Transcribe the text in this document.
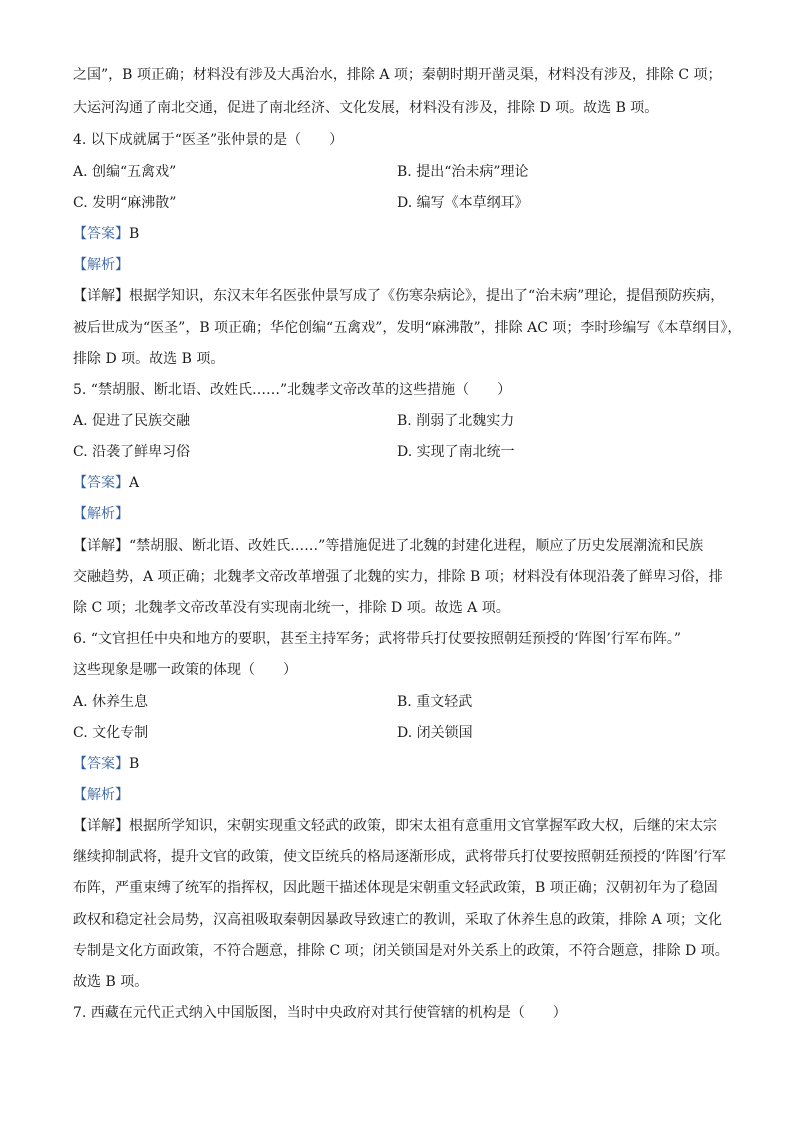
之国”，B 项正确；材料没有涉及大禹治水，排除 A 项；秦朝时期开凿灵渠，材料没有涉及，排除 C 项；
大运河沟通了南北交通，促进了南北经济、文化发展，材料没有涉及，排除 D 项。故选 B 项。
4. 以下成就属于“医圣”张仲景的是（　　）
A. 创编“五禽戏”	B. 提出“治未病”理论
C. 发明“麻沸散”	D. 编写《本草纲耳》
【答案】B
【解析】
【详解】根据学知识，东汉末年名医张仲景写成了《伤寒杂病论》，提出了“治未病”理论，提倡预防疾病，
被后世成为“医圣”，B 项正确；华佗创编“五禽戏”，发明“麻沸散”，排除 AC 项；李时珍编写《本草纲目》，
排除 D 项。故选 B 项。
5. “禁胡服、断北语、改姓氏……”北魏孝文帝改革的这些措施（　　）
A. 促进了民族交融	B. 削弱了北魏实力
C. 沿袭了鲜卑习俗	D. 实现了南北统一
【答案】A
【解析】
【详解】“禁胡服、断北语、改姓氏……”等措施促进了北魏的封建化进程，顺应了历史发展潮流和民族
交融趋势，A 项正确；北魏孝文帝改革增强了北魏的实力，排除 B 项；材料没有体现沿袭了鲜卑习俗，排
除 C 项；北魏孝文帝改革没有实现南北统一，排除 D 项。故选 A 项。
6. “文官担任中央和地方的要职，甚至主持军务；武将带兵打仗要按照朝廷预授的‘阵图’行军布阵。”
这些现象是哪一政策的体现（　　）
A. 休养生息	B. 重文轻武
C. 文化专制	D. 闭关锁国
【答案】B
【解析】
【详解】根据所学知识，宋朝实现重文轻武的政策，即宋太祖有意重用文官掌握军政大权，后继的宋太宗
继续抑制武将，提升文官的政策，使文臣统兵的格局逐渐形成，武将带兵打仗要按照朝廷预授的‘阵图’行军
布阵，严重束缚了统军的指挥权，因此题干描述体现是宋朝重文轻武政策，B 项正确；汉朝初年为了稳固
政权和稳定社会局势，汉高祖吸取秦朝因暴政导致速亡的教训，采取了休养生息的政策，排除 A 项；文化
专制是文化方面政策，不符合题意，排除 C 项；闭关锁国是对外关系上的政策，不符合题意，排除 D 项。
故选 B 项。
7. 西藏在元代正式纳入中国版图，当时中央政府对其行使管辖的机构是（　　）
